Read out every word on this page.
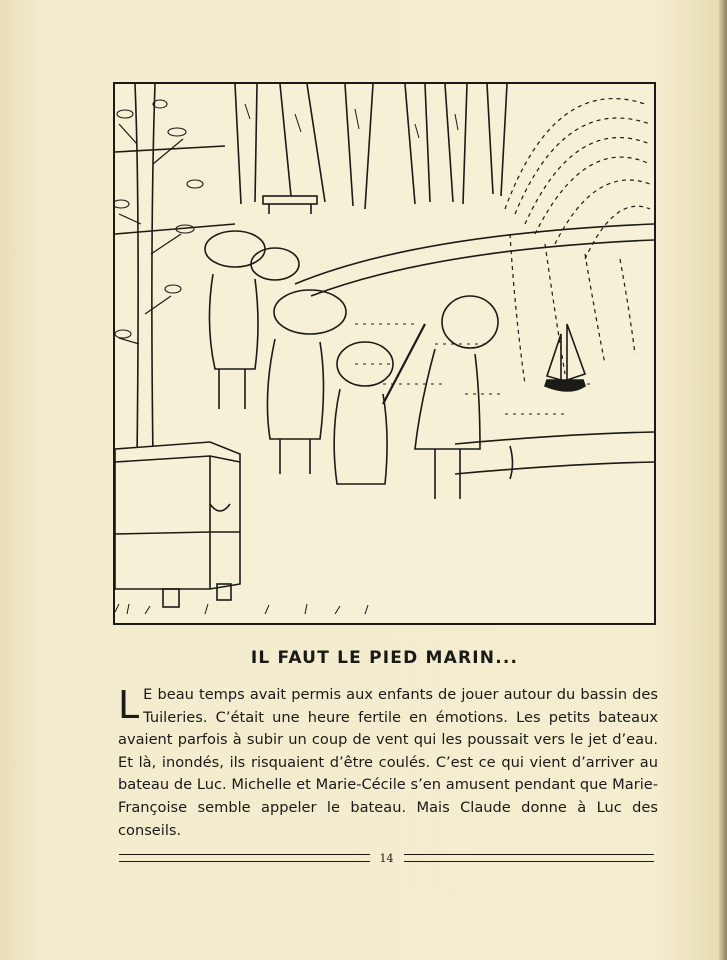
IL FAUT LE PIED MARIN...
L E beau temps avait permis aux enfants de jouer autour du bassin des Tuileries. C’était une heure fertile en émotions. Les petits bateaux avaient parfois à subir un coup de vent qui les poussait vers le jet d’eau. Et là, inondés, ils risquaient d’être coulés. C’est ce qui vient d’arriver au bateau de Luc. Michelle et Marie-Cécile s’en amusent pendant que Marie-Françoise semble appeler le bateau. Mais Claude donne à Luc des conseils.
14
